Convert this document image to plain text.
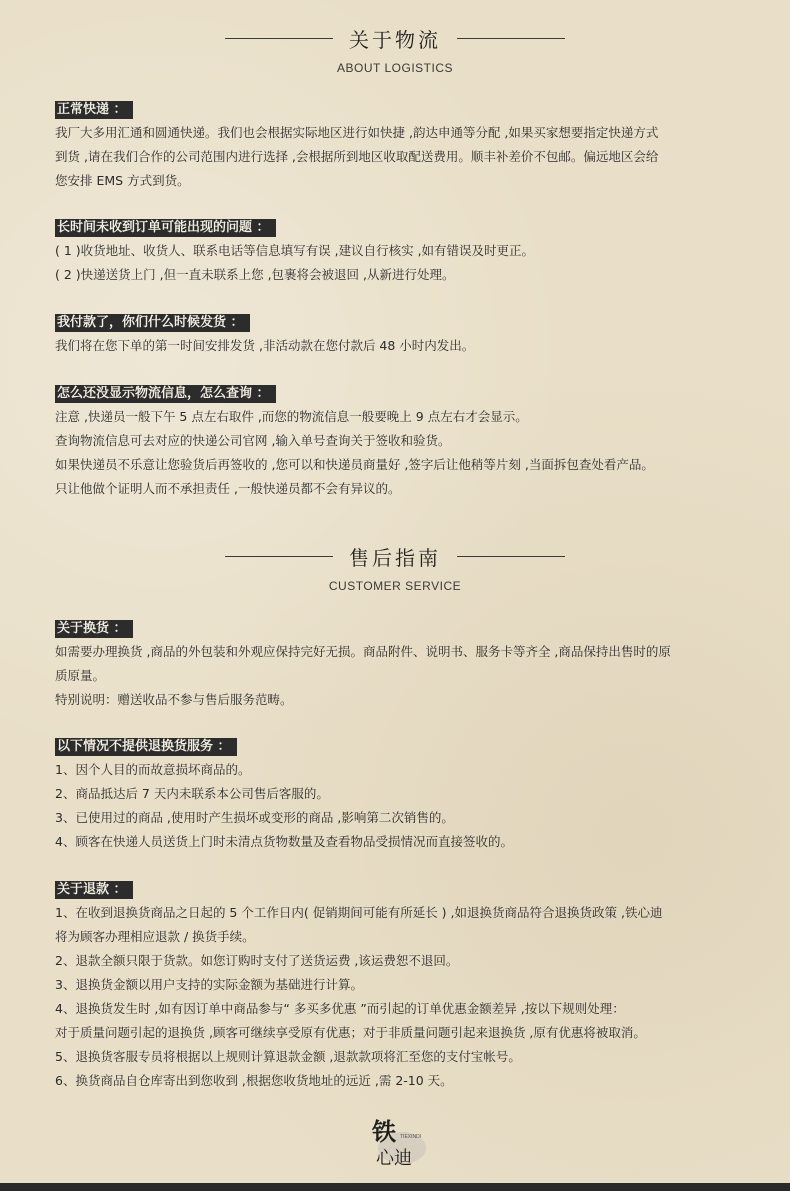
关于物流
ABOUT LOGISTICS
正常快递 ：

我厂大多用汇通和圆通快递。我们也会根据实际地区进行如快捷 ,韵达申通等分配 ,如果买家想要指定快递方式

到货 ,请在我们合作的公司范围内进行选择 ,会根据所到地区收取配送费用。顺丰补差价不包邮。偏远地区会给

您安排 EMS 方式到货。

长时间未收到订单可能出现的问题 ：

( 1 )收货地址、收货人、联系电话等信息填写有误 ,建议自行核实 ,如有错误及时更正。

( 2 )快递送货上门 ,但一直未联系上您 ,包裹将会被退回 ,从新进行处理。

我付款了，你们什么时候发货 ：

我们将在您下单的第一时间安排发货 ,非活动款在您付款后 48 小时内发出。

怎么还没显示物流信息，怎么查询 ：

注意 ,快递员一般下午 5 点左右取件 ,而您的物流信息一般要晚上 9 点左右才会显示。

查询物流信息可去对应的快递公司官网 ,输入单号查询关于签收和验货。

如果快递员不乐意让您验货后再签收的 ,您可以和快递员商量好 ,签字后让他稍等片刻 ,当面拆包查处看产品。

只让他做个证明人而不承担责任 ,一般快递员都不会有异议的。

售后指南
CUSTOMER SERVICE
关于换货 ：

如需要办理换货 ,商品的外包装和外观应保持完好无损。商品附件、说明书、服务卡等齐全 ,商品保持出售时的原

质原量。

特别说明：赠送收品不参与售后服务范畴。

以下情况不提供退换货服务 ：

1、因个人目的而故意损坏商品的。

2、商品抵达后 7 天内未联系本公司售后客服的。

3、已使用过的商品 ,使用时产生损坏或变形的商品 ,影响第二次销售的。

4、顾客在快递人员送货上门时未清点货物数量及查看物品受损情况而直接签收的。

关于退款 ：

1、在收到退换货商品之日起的 5 个工作日内( 促销期间可能有所延长 ) ,如退换货商品符合退换货政策 ,铁心迪

将为顾客办理相应退款 / 换货手续。

2、退款全额只限于货款。如您订购时支付了送货运费 ,该运费恕不退回。

3、退换货金额以用户支持的实际金额为基础进行计算。

4、退换货发生时 ,如有因订单中商品参与“ 多买多优惠 ”而引起的订单优惠金额差异 ,按以下规则处理：

对于质量问题引起的退换货 ,顾客可继续享受原有优惠；对于非质量问题引起来退换货 ,原有优惠将被取消。

5、退换货客服专员将根据以上规则计算退款金额 ,退款款项将汇至您的支付宝帐号。

6、换货商品自仓库寄出到您收到 ,根据您收货地址的远近 ,需 2-10 天。

铁
心迪
TIEXINDI
